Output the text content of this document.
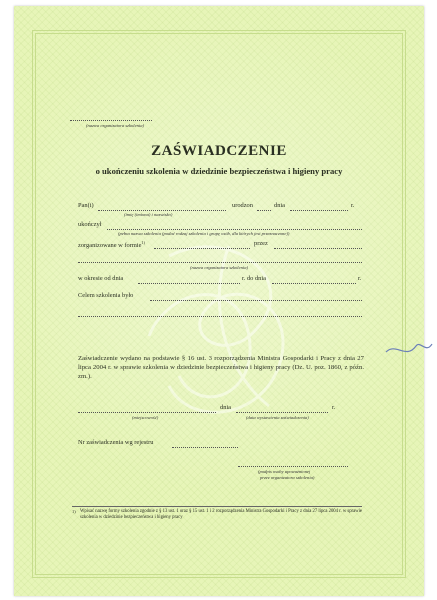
(nazwa organizatora szkolenia)
ZAŚWIADCZENIE
o ukończeniu szkolenia w dziedzinie bezpieczeństwa i higieny pracy
Pan(i)	urodzon	dnia	r.
(imię (imiona) i nazwisko)
ukończył
(pełna nazwa szkolenia (podać rodzaj szkolenia i grupę osób, dla których jest przeznaczone))
zorganizowane w formie$^{1)}$	przez
(nazwa organizatora szkolenia)
w okresie od dnia	r. do dnia	r.
Celem szkolenia było
Zaświadczenie wydano na podstawie § 16 ust. 3 rozporządzenia Ministra Gospodarki i Pracy z dnia 27 lipca 2004 r. w sprawie szkolenia w dziedzinie bezpieczeństwa i higieny pracy (Dz. U. poz. 1860, z późn. zm.).
dnia	r.
(miejscowość)	(data wystawienia zaświadczenia)
Nr zaświadczenia wg rejestru
(podpis osoby upoważnionej
przez organizatora szkolenia)
1) Wpisać nazwę formy szkolenia zgodnie z § 13 ust. 1 oraz § 15 ust. 1 i 2 rozporządzenia Ministra Gospodarki i Pracy z dnia 27 lipca 2004 r. w sprawie szkolenia w dziedzinie bezpieczeństwa i higieny pracy
